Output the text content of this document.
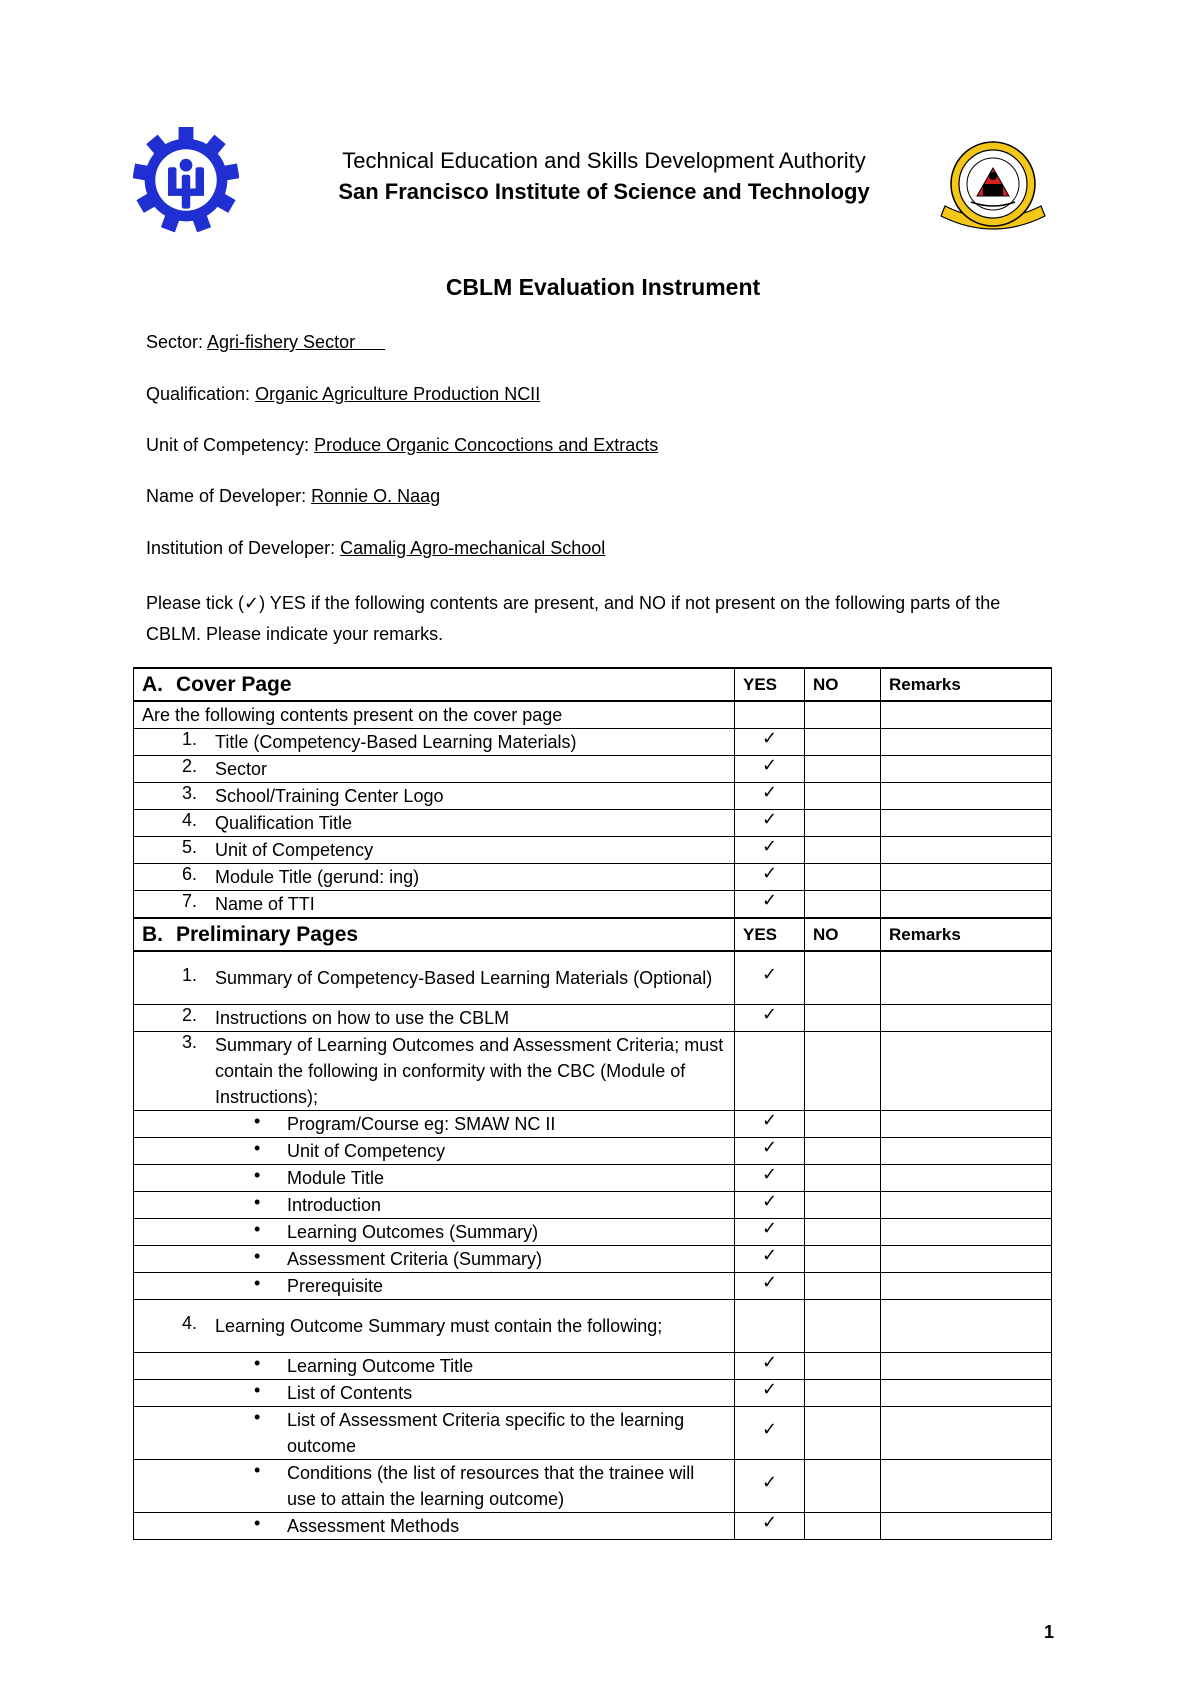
Technical Education and Skills Development Authority
San Francisco Institute of Science and Technology
CBLM Evaluation Instrument
Sector: Agri-fishery Sector
Qualification: Organic Agriculture Production NCII
Unit of Competency: Produce Organic Concoctions and Extracts
Name of Developer: Ronnie O. Naag
Institution of Developer: Camalig Agro-mechanical School
Please tick (✓) YES if the following contents are present, and NO if not present on the following parts of the CBLM. Please indicate your remarks.
A. Cover Page	YES	NO	Remarks

Are the following contents present on the cover page			

1. Title (Competency-Based Learning Materials)	✓		

2. Sector	✓		

3. School/Training Center Logo	✓		

4. Qualification Title	✓		

5. Unit of Competency	✓		

6. Module Title (gerund: ing)	✓		

7. Name of TTI	✓		
B. Preliminary Pages	YES	NO	Remarks

1. Summary of Competency-Based Learning Materials (Optional)	✓		

2. Instructions on how to use the CBLM	✓		

3. Summary of Learning Outcomes and Assessment Criteria; must contain the following in conformity with the CBC (Module of Instructions);			

• Program/Course eg: SMAW NC II	✓		

• Unit of Competency	✓		

• Module Title	✓		

• Introduction	✓		

• Learning Outcomes (Summary)	✓		

• Assessment Criteria (Summary)	✓		

• Prerequisite	✓		

4. Learning Outcome Summary must contain the following;			

• Learning Outcome Title	✓		

• List of Contents	✓		

• List of Assessment Criteria specific to the learning outcome	✓		

• Conditions (the list of resources that the trainee will use to attain the learning outcome)	✓		

• Assessment Methods	✓		
1
